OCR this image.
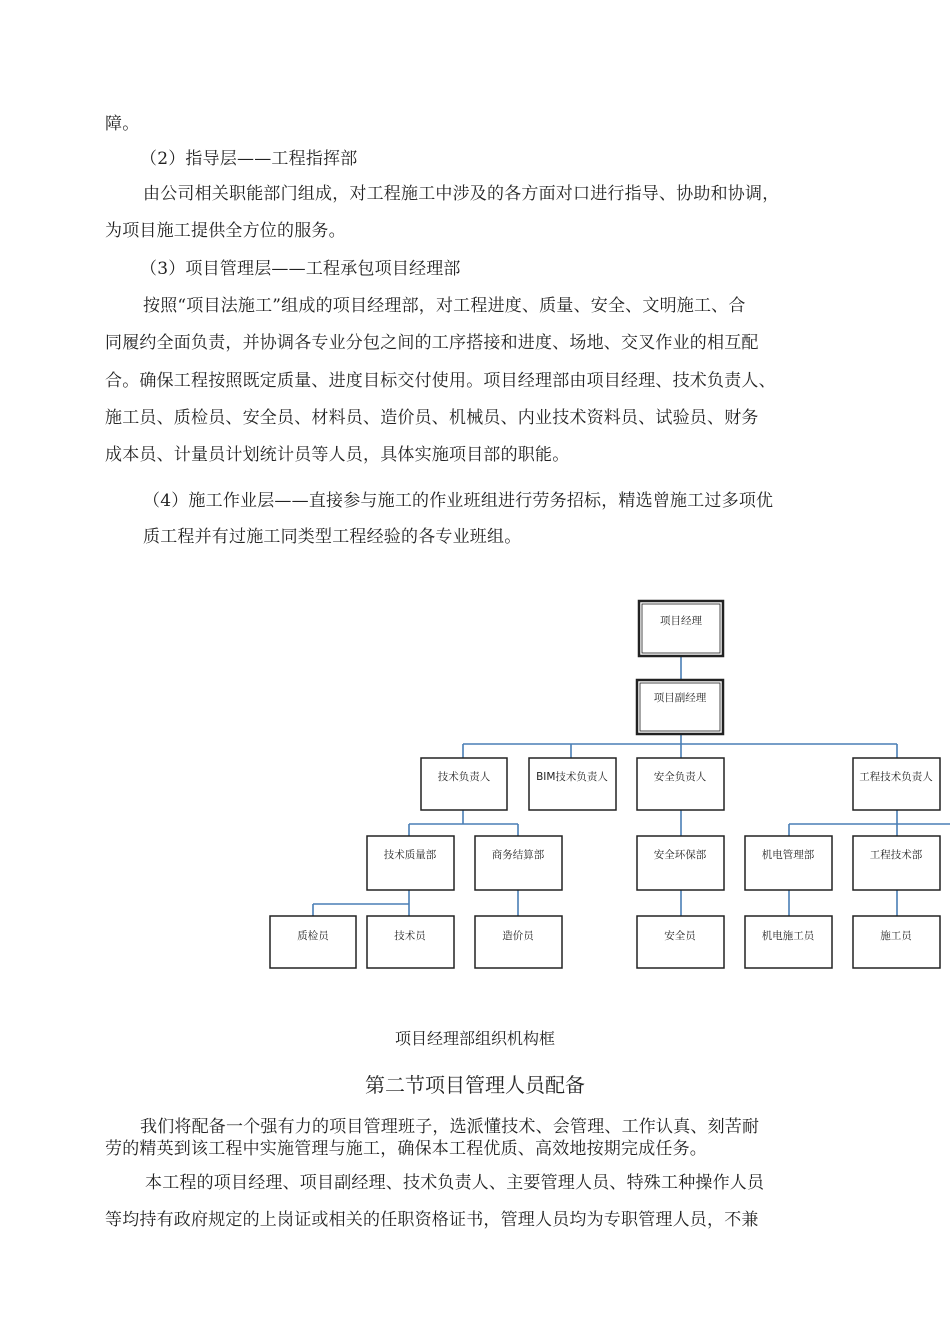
障。
（2）指导层——工程指挥部
由公司相关职能部门组成，对工程施工中涉及的各方面对口进行指导、协助和协调，
为项目施工提供全方位的服务。
（3）项目管理层——工程承包项目经理部
按照“项目法施工”组成的项目经理部，对工程进度、质量、安全、文明施工、合
同履约全面负责，并协调各专业分包之间的工序搭接和进度、场地、交叉作业的相互配
合。确保工程按照既定质量、进度目标交付使用。项目经理部由项目经理、技术负责人、
施工员、质检员、安全员、材料员、造价员、机械员、内业技术资料员、试验员、财务
成本员、计量员计划统计员等人员，具体实施项目部的职能。
（4）施工作业层——直接参与施工的作业班组进行劳务招标，精选曾施工过多项优
质工程并有过施工同类型工程经验的各专业班组。
项目经理
项目副经理
技术负责人	BIM技术负责人	安全负责人	工程技术负责人
技术质量部	商务结算部	安全环保部	机电管理部	工程技术部
质检员	技术员	造价员	安全员	机电施工员	施工员
项目经理部组织机构框
第二节项目管理人员配备
我们将配备一个强有力的项目管理班子，选派懂技术、会管理、工作认真、刻苦耐
劳的精英到该工程中实施管理与施工，确保本工程优质、高效地按期完成任务。
本工程的项目经理、项目副经理、技术负责人、主要管理人员、特殊工种操作人员
等均持有政府规定的上岗证或相关的任职资格证书，管理人员均为专职管理人员，不兼
